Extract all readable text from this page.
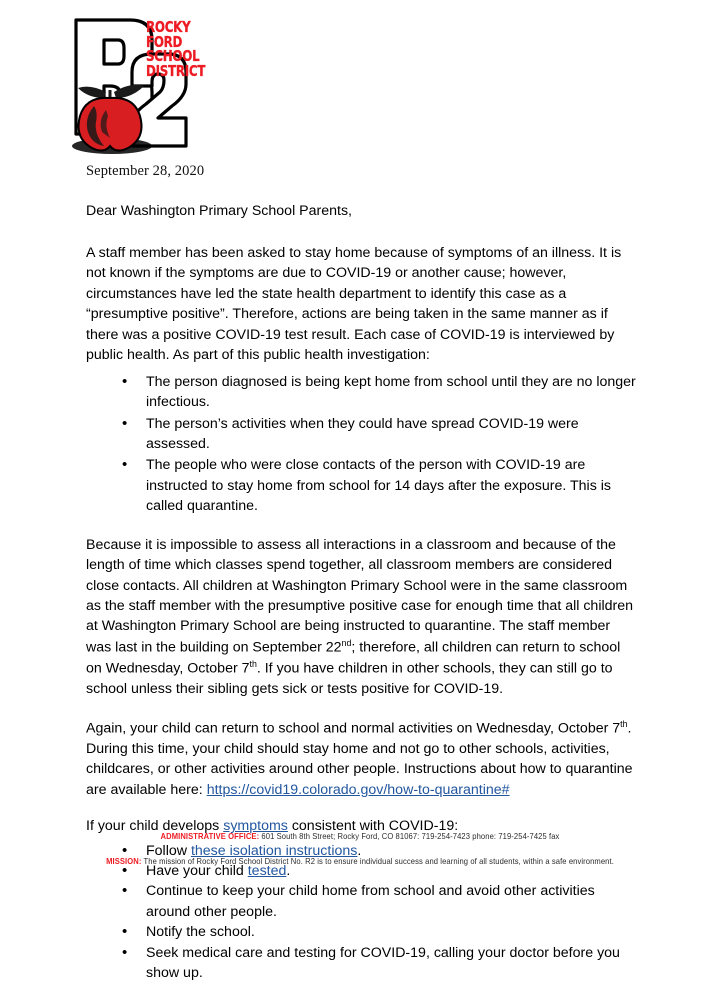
ROCKY
FORD
SCHOOL
DISTRICT
September 28, 2020
Dear Washington Primary School Parents,

A staff member has been asked to stay home because of symptoms of an illness. It is not known if the symptoms are due to COVID-19 or another cause; however, circumstances have led the state health department to identify this case as a “presumptive positive”. Therefore, actions are being taken in the same manner as if there was a positive COVID-19 test result. Each case of COVID-19 is interviewed by public health. As part of this public health investigation:

• The person diagnosed is being kept home from school until they are no longer infectious.
• The person’s activities when they could have spread COVID-19 were assessed.
• The people who were close contacts of the person with COVID-19 are instructed to stay home from school for 14 days after the exposure. This is called quarantine.

Because it is impossible to assess all interactions in a classroom and because of the length of time which classes spend together, all classroom members are considered close contacts. All children at Washington Primary School were in the same classroom as the staff member with the presumptive positive case for enough time that all children at Washington Primary School are being instructed to quarantine. The staff member was last in the building on September 22nd; therefore, all children can return to school on Wednesday, October 7th. If you have children in other schools, they can still go to school unless their sibling gets sick or tests positive for COVID-19.

Again, your child can return to school and normal activities on Wednesday, October 7th. During this time, your child should stay home and not go to other schools, activities, childcares, or other activities around other people. Instructions about how to quarantine are available here: https://covid19.colorado.gov/how-to-quarantine#

If your child develops symptoms consistent with COVID-19:

• Follow these isolation instructions.
• Have your child tested.
• Continue to keep your child home from school and avoid other activities around other people.
• Notify the school.
• Seek medical care and testing for COVID-19, calling your doctor before you show up.

ADMINISTRATIVE OFFICE: 601 South 8th Street; Rocky Ford, CO 81067: 719-254-7423 phone: 719-254-7425 fax

MISSION: The mission of Rocky Ford School District No. R2 is to ensure individual success and learning of all students, within a safe environment.
